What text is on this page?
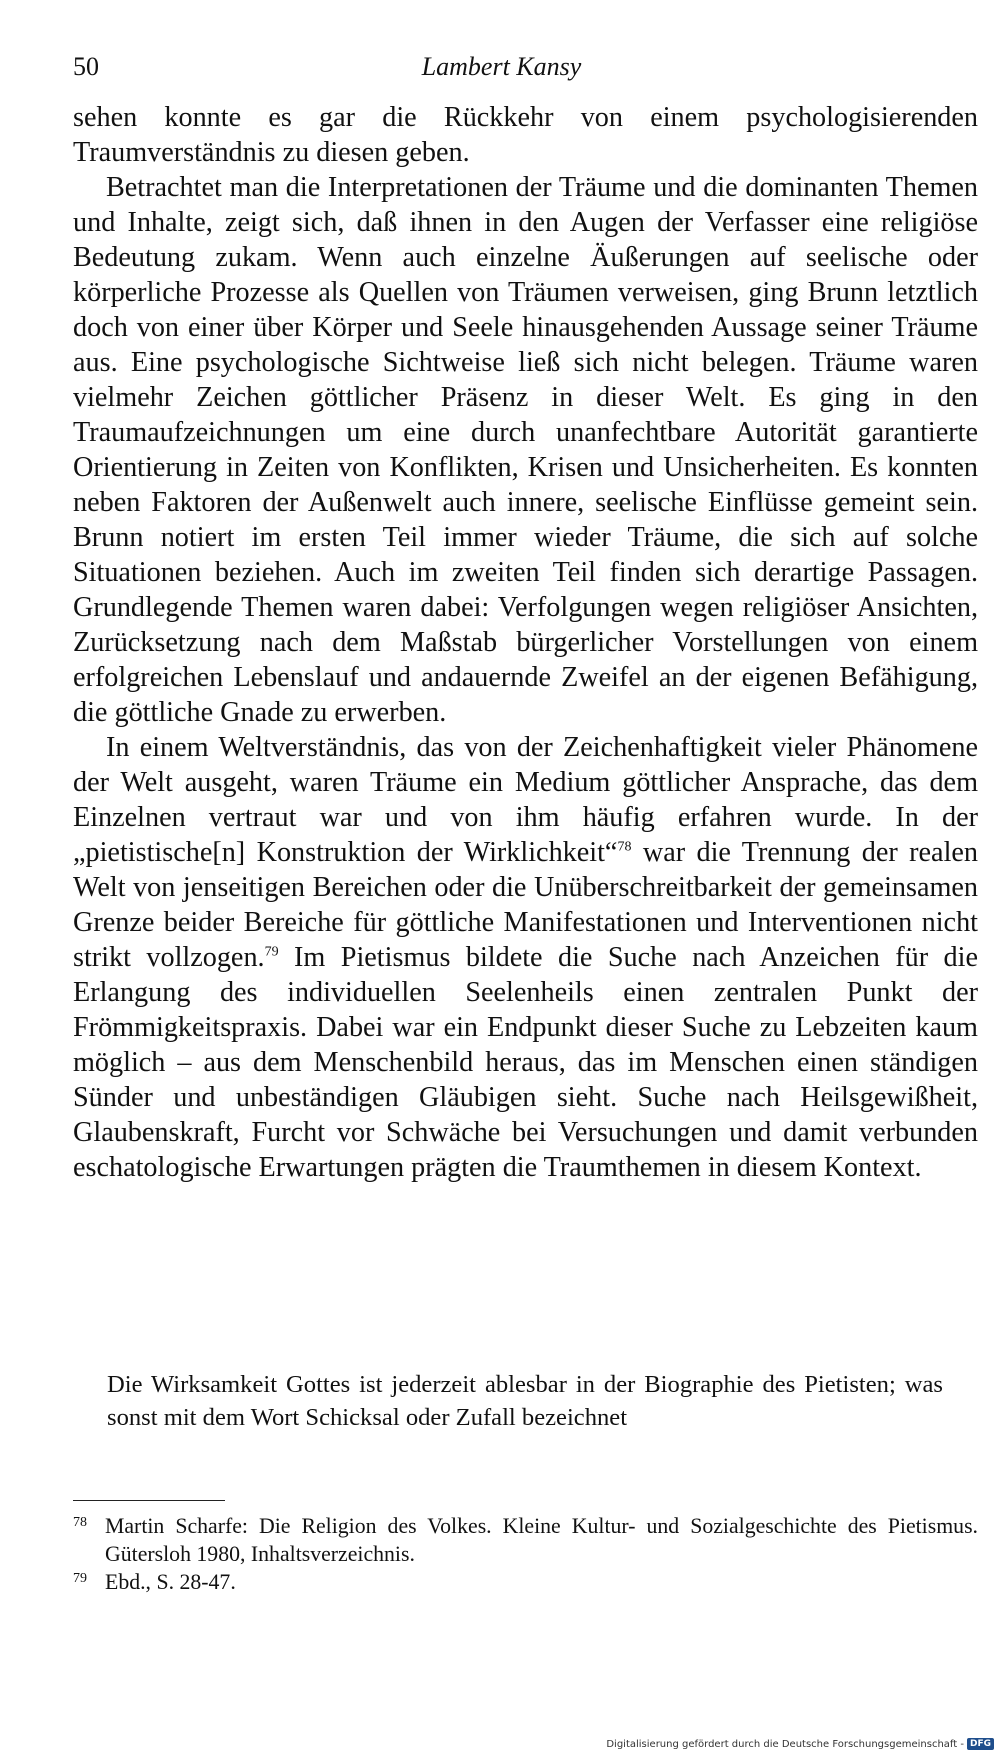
50	Lambert Kansy

sehen konnte es gar die Rückkehr von einem psychologisierenden Traumverständnis zu diesen geben.

Betrachtet man die Interpretationen der Träume und die dominanten Themen und Inhalte, zeigt sich, daß ihnen in den Augen der Verfasser eine religiöse Bedeutung zukam. Wenn auch einzelne Äußerungen auf seelische oder körperliche Prozesse als Quellen von Träumen verweisen, ging Brunn letztlich doch von einer über Körper und Seele hinausgehenden Aussage seiner Träume aus. Eine psychologische Sichtweise ließ sich nicht belegen. Träume waren vielmehr Zeichen göttlicher Präsenz in dieser Welt. Es ging in den Traumaufzeichnungen um eine durch unanfechtbare Autorität garantierte Orientierung in Zeiten von Konflikten, Krisen und Unsicherheiten. Es konnten neben Faktoren der Außenwelt auch innere, seelische Einflüsse gemeint sein. Brunn notiert im ersten Teil immer wieder Träume, die sich auf solche Situationen beziehen. Auch im zweiten Teil finden sich derartige Passagen. Grundlegende Themen waren dabei: Verfolgungen wegen religiöser Ansichten, Zurücksetzung nach dem Maßstab bürgerlicher Vorstellungen von einem erfolgreichen Lebenslauf und andauernde Zweifel an der eigenen Befähigung, die göttliche Gnade zu erwerben.

In einem Weltverständnis, das von der Zeichenhaftigkeit vieler Phänomene der Welt ausgeht, waren Träume ein Medium göttlicher Ansprache, das dem Einzelnen vertraut war und von ihm häufig erfahren wurde. In der „pietistische[n] Konstruktion der Wirklichkeit“$^{78}$ war die Trennung der realen Welt von jenseitigen Bereichen oder die Unüberschreitbarkeit der gemeinsamen Grenze beider Bereiche für göttliche Manifestationen und Interventionen nicht strikt vollzogen.$^{79}$ Im Pietismus bildete die Suche nach Anzeichen für die Erlangung des individuellen Seelenheils einen zentralen Punkt der Frömmigkeitspraxis. Dabei war ein Endpunkt dieser Suche zu Lebzeiten kaum möglich – aus dem Menschenbild heraus, das im Menschen einen ständigen Sünder und unbeständigen Gläubigen sieht. Suche nach Heilsgewißheit, Glaubenskraft, Furcht vor Schwäche bei Versuchungen und damit verbunden eschatologische Erwartungen prägten die Traumthemen in diesem Kontext.

Die Wirksamkeit Gottes ist jederzeit ablesbar in der Biographie des Pietisten; was sonst mit dem Wort Schicksal oder Zufall bezeichnet
78 Martin Scharfe: Die Religion des Volkes. Kleine Kultur- und Sozialgeschichte des Pietismus. Gütersloh 1980, Inhaltsverzeichnis.
79 Ebd., S. 28-47.
Digitalisierung gefördert durch die Deutsche Forschungsgemeinschaft - DFG
